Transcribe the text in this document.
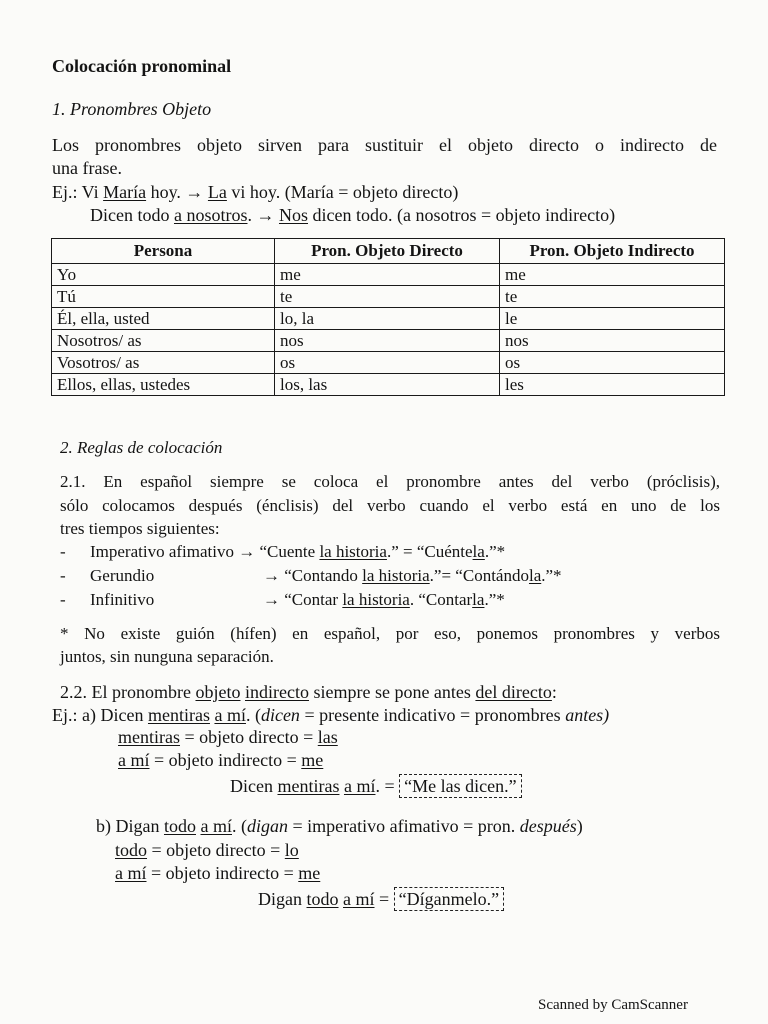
Colocación pronominal
1. Pronombres Objeto
Los pronombres objeto sirven para sustituir el objeto directo o indirecto de
una frase.
Ej.: Vi María hoy. → La vi hoy. (María = objeto directo)
Dicen todo a nosotros. → Nos dicen todo. (a nosotros = objeto indirecto)
Persona	Pron. Objeto Directo	Pron. Objeto Indirecto
Yo	me	me
Tú	te	te
Él, ella, usted	lo, la	le
Nosotros/ as	nos	nos
Vosotros/ as	os	os
Ellos, ellas, ustedes	los, las	les
2. Reglas de colocación
2.1. En español siempre se coloca el pronombre antes del verbo (próclisis),
sólo colocamos después (énclisis) del verbo cuando el verbo está en uno de los
tres tiempos siguientes:
- Imperativo afimativo → “Cuente la historia.” = “Cuéntela.”*
- Gerundio	→ “Contando la historia.”= “Contándola.”*
- Infinitivo	→ “Contar la historia. “Contarla.”*
* No existe guión (hífen) en español, por eso, ponemos pronombres y verbos
juntos, sin nunguna separación.
2.2. El pronombre objeto indirecto siempre se pone antes del directo:
Ej.: a) Dicen mentiras a mí. (dicen = presente indicativo = pronombres antes)
mentiras = objeto directo = las
a mí = objeto indirecto = me
Dicen mentiras a mí. = “Me las dicen.”
b) Digan todo a mí. (digan = imperativo afimativo = pron. después)
todo = objeto directo = lo
a mí = objeto indirecto = me
Digan todo a mí = “Díganmelo.”
Scanned by CamScanner
